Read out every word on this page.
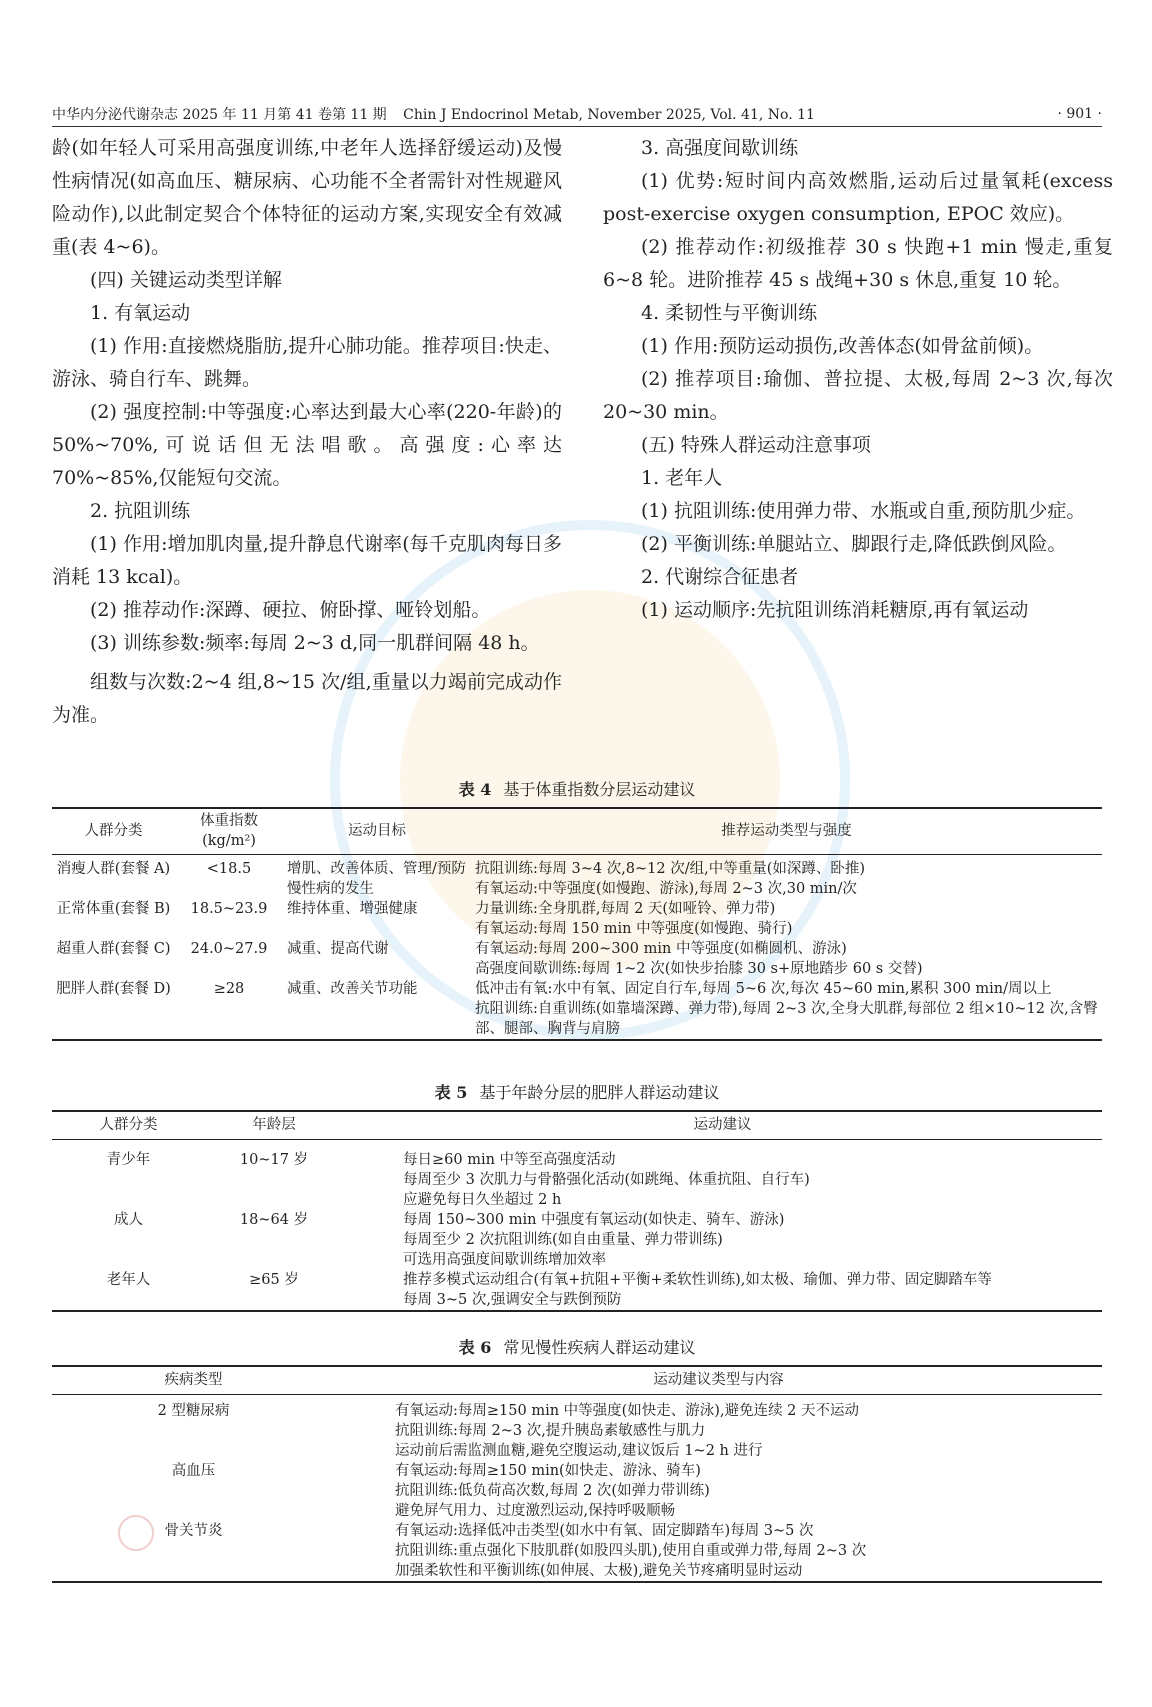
中华内分泌代谢杂志 2025 年 11 月第 41 卷第 11 期 Chin J Endocrinol Metab, November 2025, Vol. 41, No. 11	· 901 ·

龄(如年轻人可采用高强度训练,中老年人选择舒缓运动)及慢性病情况(如高血压、糖尿病、心功能不全者需针对性规避风险动作),以此制定契合个体特征的运动方案,实现安全有效减重(表 4~6)。

(四) 关键运动类型详解

1. 有氧运动

(1) 作用:直接燃烧脂肪,提升心肺功能。推荐项目:快走、游泳、骑自行车、跳舞。

(2) 强度控制:中等强度:心率达到最大心率(220-年龄)的 50%~70%,可说话但无法唱歌。高强度:心率达 70%~85%,仅能短句交流。

2. 抗阻训练

(1) 作用:增加肌肉量,提升静息代谢率(每千克肌肉每日多消耗 13 kcal)。

(2) 推荐动作:深蹲、硬拉、俯卧撑、哑铃划船。

(3) 训练参数:频率:每周 2~3 d,同一肌群间隔 48 h。

组数与次数:2~4 组,8~15 次/组,重量以力竭前完成动作为准。

3. 高强度间歇训练

(1) 优势:短时间内高效燃脂,运动后过量氧耗(excess post-exercise oxygen consumption, EPOC 效应)。

(2) 推荐动作:初级推荐 30 s 快跑+1 min 慢走,重复 6~8 轮。进阶推荐 45 s 战绳+30 s 休息,重复 10 轮。

4. 柔韧性与平衡训练

(1) 作用:预防运动损伤,改善体态(如骨盆前倾)。

(2) 推荐项目:瑜伽、普拉提、太极,每周 2~3 次,每次 20~30 min。

(五) 特殊人群运动注意事项

1. 老年人

(1) 抗阻训练:使用弹力带、水瓶或自重,预防肌少症。

(2) 平衡训练:单腿站立、脚跟行走,降低跌倒风险。

2. 代谢综合征患者

(1) 运动顺序:先抗阻训练消耗糖原,再有氧运动

表 4 基于体重指数分层运动建议
人群分类	体重指数(kg/m²)	运动目标	推荐运动类型与强度
消瘦人群(套餐 A)	<18.5	增肌、改善体质、管理/预防慢性病的发生	抗阻训练:每周 3~4 次,8~12 次/组,中等重量(如深蹲、卧推)
有氧运动:中等强度(如慢跑、游泳),每周 2~3 次,30 min/次
正常体重(套餐 B)	18.5~23.9	维持体重、增强健康	力量训练:全身肌群,每周 2 天(如哑铃、弹力带)
有氧运动:每周 150 min 中等强度(如慢跑、骑行)
超重人群(套餐 C)	24.0~27.9	减重、提高代谢	有氧运动:每周 200~300 min 中等强度(如椭圆机、游泳)
高强度间歇训练:每周 1~2 次(如快步抬膝 30 s+原地踏步 60 s 交替)
肥胖人群(套餐 D)	≥28	减重、改善关节功能	低冲击有氧:水中有氧、固定自行车,每周 5~6 次,每次 45~60 min,累积 300 min/周以上
抗阻训练:自重训练(如靠墙深蹲、弹力带),每周 2~3 次,全身大肌群,每部位 2 组×10~12 次,含臀部、腿部、胸背与肩膀
表 5 基于年龄分层的肥胖人群运动建议
人群分类	年龄层	运动建议
青少年	10~17 岁	每日≥60 min 中等至高强度活动
每周至少 3 次肌力与骨骼强化活动(如跳绳、体重抗阻、自行车)
应避免每日久坐超过 2 h
成人	18~64 岁	每周 150~300 min 中强度有氧运动(如快走、骑车、游泳)
每周至少 2 次抗阻训练(如自由重量、弹力带训练)
可选用高强度间歇训练增加效率
老年人	≥65 岁	推荐多模式运动组合(有氧+抗阻+平衡+柔软性训练),如太极、瑜伽、弹力带、固定脚踏车等
每周 3~5 次,强调安全与跌倒预防
表 6 常见慢性疾病人群运动建议
疾病类型	运动建议类型与内容
2 型糖尿病	有氧运动:每周≥150 min 中等强度(如快走、游泳),避免连续 2 天不运动
抗阻训练:每周 2~3 次,提升胰岛素敏感性与肌力
运动前后需监测血糖,避免空腹运动,建议饭后 1~2 h 进行
高血压	有氧运动:每周≥150 min(如快走、游泳、骑车)
抗阻训练:低负荷高次数,每周 2 次(如弹力带训练)
避免屏气用力、过度激烈运动,保持呼吸顺畅
骨关节炎	有氧运动:选择低冲击类型(如水中有氧、固定脚踏车)每周 3~5 次
抗阻训练:重点强化下肢肌群(如股四头肌),使用自重或弹力带,每周 2~3 次
加强柔软性和平衡训练(如伸展、太极),避免关节疼痛明显时运动
